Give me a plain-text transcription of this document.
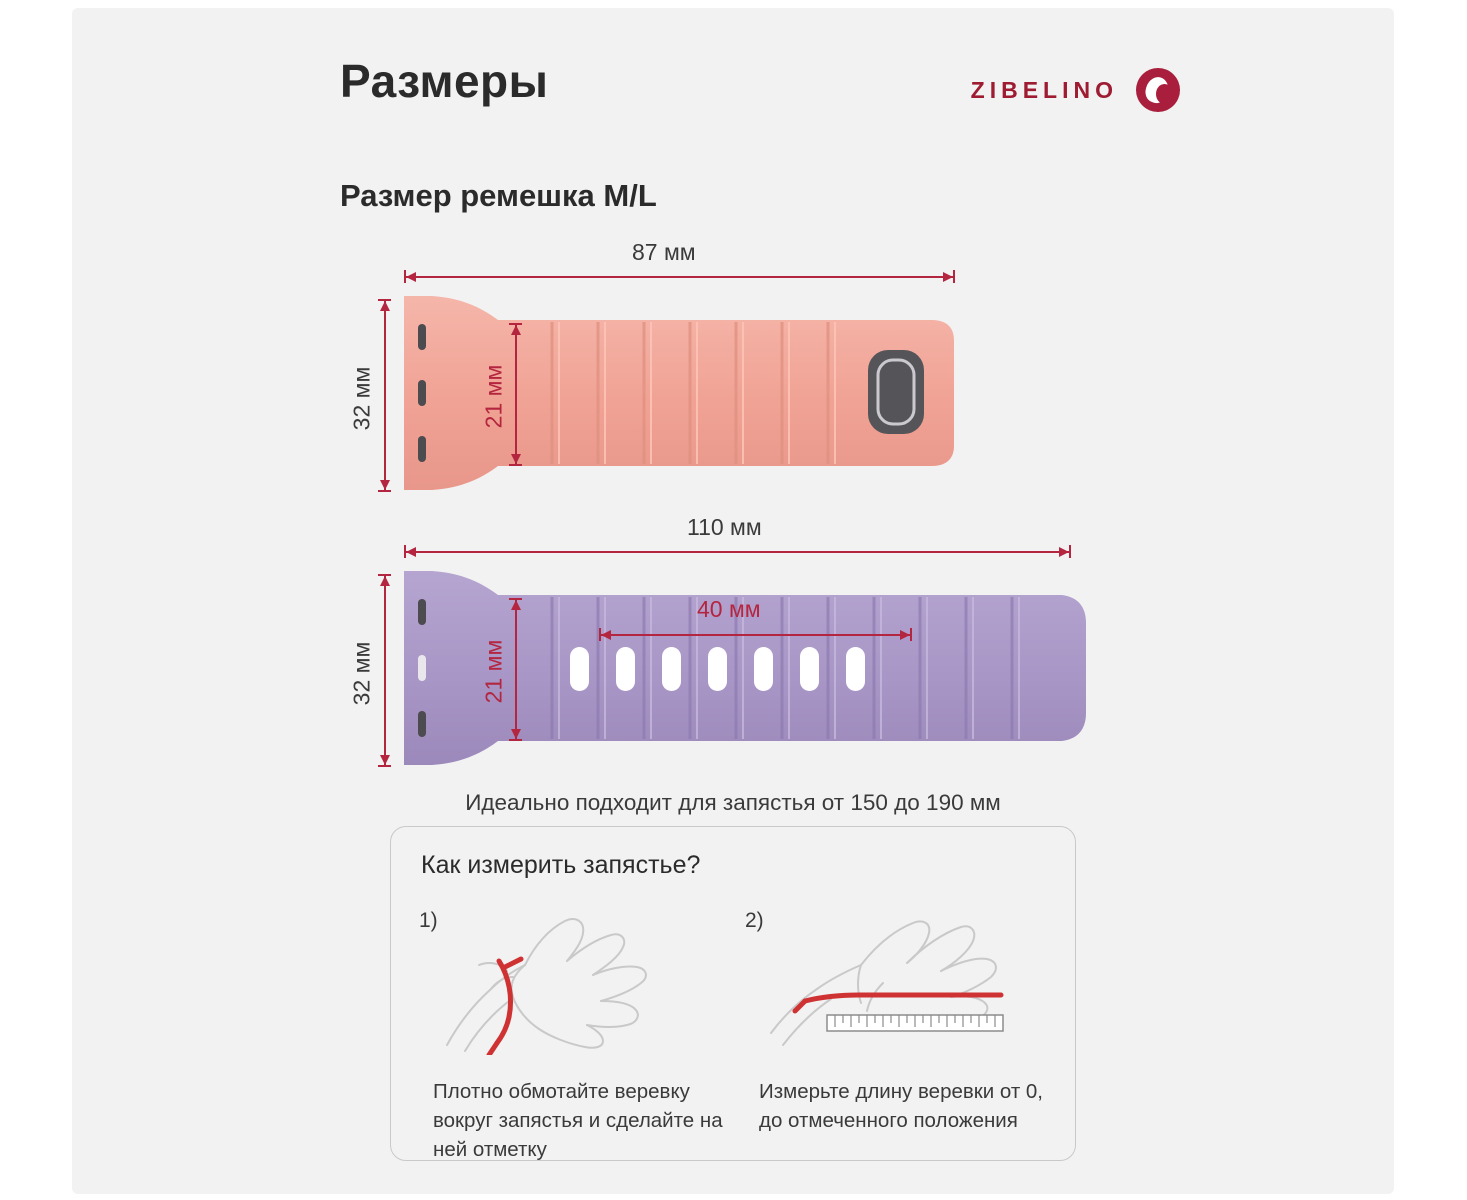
Размеры	ZIBELINO
Размер ремешка M/L
87 мм
32 мм	21 мм
110 мм
32 мм	21 мм
40 мм
Идеально подходит для запястья от 150 до 190 мм
Как измерить запястье?
1)
Плотно обмотайте веревку вокруг запястья и сделайте на ней отметку
2)
Измерьте длину веревки от 0, до отмеченного положения
